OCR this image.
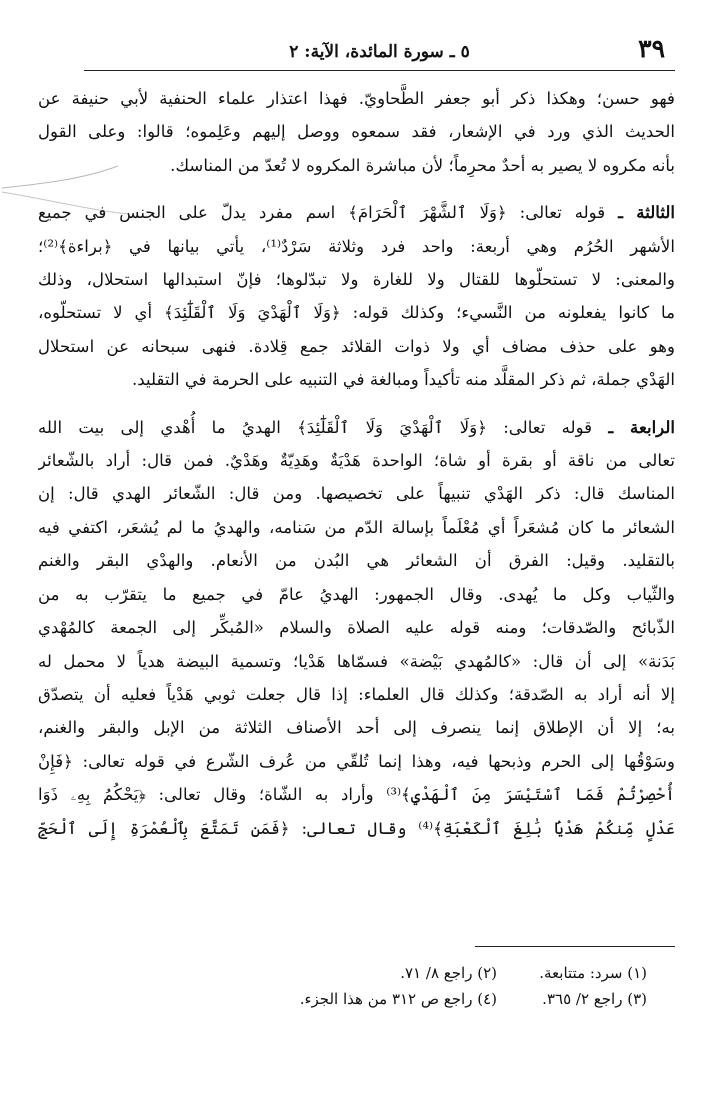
٣٩
٥ ـ سورة المائدة، الآية: ٢
فهو حسن؛ وهكذا ذكر أبو جعفر الطَّحاويّ. فهذا اعتذار علماء الحنفية لأبي حنيفة عن
الحديث الذي ورد في الإشعار، فقد سمعوه ووصل إليهم وعَلِموه؛ قالوا: وعلى القول
بأنه مكروه لا يصير به أحدٌ محرِماً؛ لأن مباشرة المكروه لا تُعدّ من المناسك.
الثالثة ـ قوله تعالى: ﴿وَلَا ٱلشَّهْرَ ٱلْحَرَامَ﴾ اسم مفرد يدلّ على الجنس في جميع
الأشهر الحُرُم وهي أربعة: واحد فرد وثلاثة سَرْدٌ⁽¹⁾، يأتي بيانها في ﴿براءة﴾⁽²⁾؛
والمعنى: لا تستحلّوها للقتال ولا للغارة ولا تبدّلوها؛ فإنّ استبدالها استحلال، وذلك
ما كانوا يفعلونه من النَّسيء؛ وكذلك قوله: ﴿وَلَا ٱلْهَدْيَ وَلَا ٱلْقَلَٰٓئِدَ﴾ أي لا تستحلّوه،
وهو على حذف مضاف أي ولا ذوات القلائد جمع قِلادة. فنهى سبحانه عن استحلال
الهَدْي جملة، ثم ذكر المقلَّد منه تأكيداً ومبالغة في التنبيه على الحرمة في التقليد.
الرابعة ـ قوله تعالى: ﴿وَلَا ٱلْهَدْيَ وَلَا ٱلْقَلَٰٓئِدَ﴾ الهديُ ما أُهْدي إلى بيت الله
تعالى من ناقة أو بقرة أو شاة؛ الواحدة هَدْيَةٌ وهَدِيّةٌ وهَدْيٌ. فمن قال: أراد بالشّعائر
المناسك قال: ذكر الهَدْي تنبيهاً على تخصيصها. ومن قال: الشّعائر الهدي قال: إن
الشعائر ما كان مُشعَراً أي مُعْلَماً بإسالة الدّم من سَنامه، والهديُ ما لم يُشعَر، اكتفي فيه
بالتقليد. وقيل: الفرق أن الشعائر هي البُدن من الأنعام. والهدْي البقر والغنم
والثّياب وكل ما يُهدى. وقال الجمهور: الهديُ عامّ في جميع ما يتقرّب به من
الذّبائح والصّدقات؛ ومنه قوله عليه الصلاة والسلام «المُبكِّر إلى الجمعة كالمُهْدي
بَدَنة» إلى أن قال: «كالمُهدي بَيْضة» فسمّاها هَدْيا؛ وتسمية البيضة هدياً لا محمل له
إلا أنه أراد به الصّدقة؛ وكذلك قال العلماء: إذا قال جعلت ثوبي هَدْياً فعليه أن يتصدّق
به؛ إلا أن الإطلاق إنما ينصرف إلى أحد الأصناف الثلاثة من الإبل والبقر والغنم،
وسَوْقُها إلى الحرم وذبحها فيه، وهذا إنما تُلقّي من عُرف الشّرع في قوله تعالى: ﴿فَإِنْ
أُحْصِرْتُمْ فَمَا ٱسْتَيْسَرَ مِنَ ٱلْهَدْيِ﴾⁽³⁾ وأراد به الشّاة؛ وقال تعالى: ﴿يَحْكُمُ بِهِۦ ذَوَا
عَدْلٍ مِّنكُمْ هَدْيَۢا بَٰلِغَ ٱلْكَعْبَةِ﴾⁽⁴⁾ وقال تعالى: ﴿فَمَن تَمَتَّعَ بِٱلْعُمْرَةِ إِلَى ٱلْحَجِّ
(١) سرد: متتابعة.
(٢) راجع ٨/ ٧١.
(٣) راجع ٢/ ٣٦٥.
(٤) راجع ص ٣١٢ من هذا الجزء.
